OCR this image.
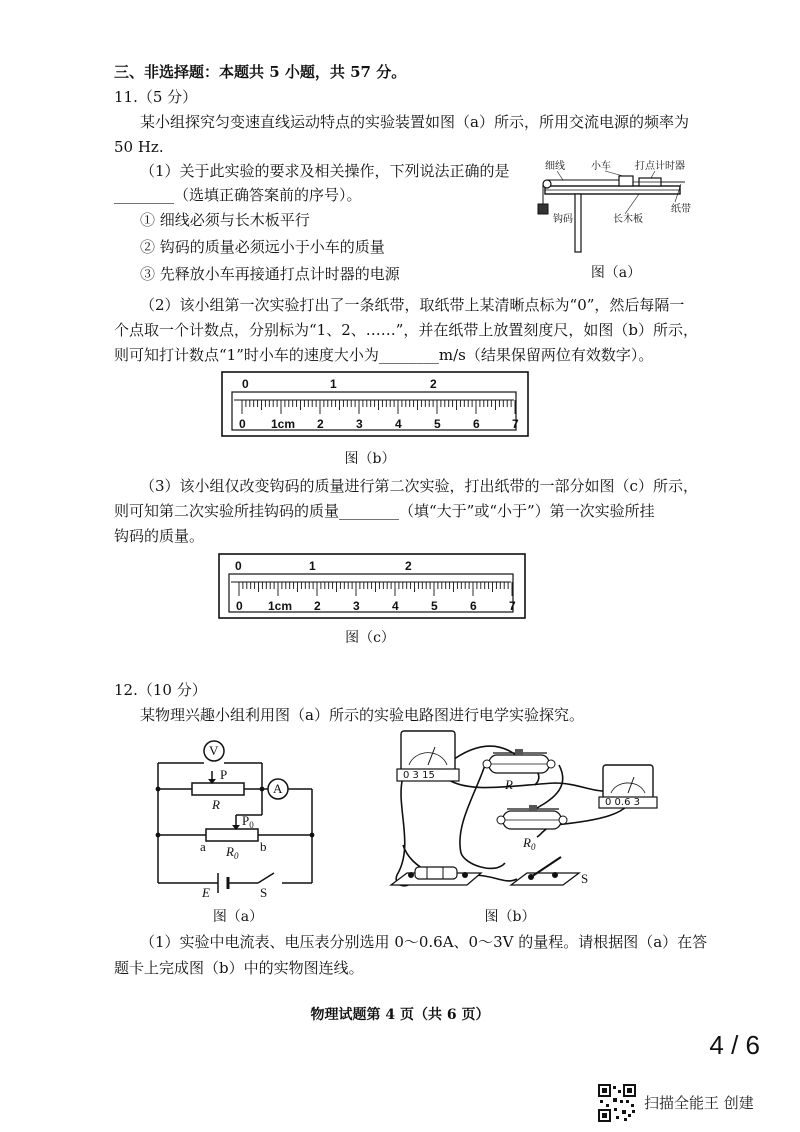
三、非选择题：本题共 5 小题，共 57 分。
11.（5 分）
某小组探究匀变速直线运动特点的实验装置如图（a）所示，所用交流电源的频率为
50 Hz.
（1）关于此实验的要求及相关操作，下列说法正确的是
________（选填正确答案前的序号）。
① 细线必须与长木板平行
② 钩码的质量必须远小于小车的质量
③ 先释放小车再接通打点计时器的电源
细线	小车 打点计时器
钩码	长木板
纸带
图（a）
（2）该小组第一次实验打出了一条纸带，取纸带上某清晰点标为“0”，然后每隔一
个点取一个计数点，分别标为“1、2、……”，并在纸带上放置刻度尺，如图（b）所示，
则可知打计数点“1”时小车的速度大小为________m/s（结果保留两位有效数字）。
0	1	2
0 1cm 2	3	4	5	6	7
图（b）
（3）该小组仅改变钩码的质量进行第二次实验，打出纸带的一部分如图（c）所示，
则可知第二次实验所挂钩码的质量________（填“大于”或“小于”）第一次实验所挂
钩码的质量。
0	1	2
0 1cm 2	3	4	5	6	7
图（c）
12.（10 分）
某物理兴趣小组利用图（a）所示的实验电路图进行电学实验探究。
V
A
P
R
$P_0$
a	b
$R_0$
E	S
图（a）
0 3 15
R
0 0.6 3
$R_0$
S
图（b）
（1）实验中电流表、电压表分别选用 0～0.6A、0～3V 的量程。请根据图（a）在答
题卡上完成图（b）中的实物图连线。
物理试题第 4 页（共 6 页）
4 / 6
扫描全能王 创建
